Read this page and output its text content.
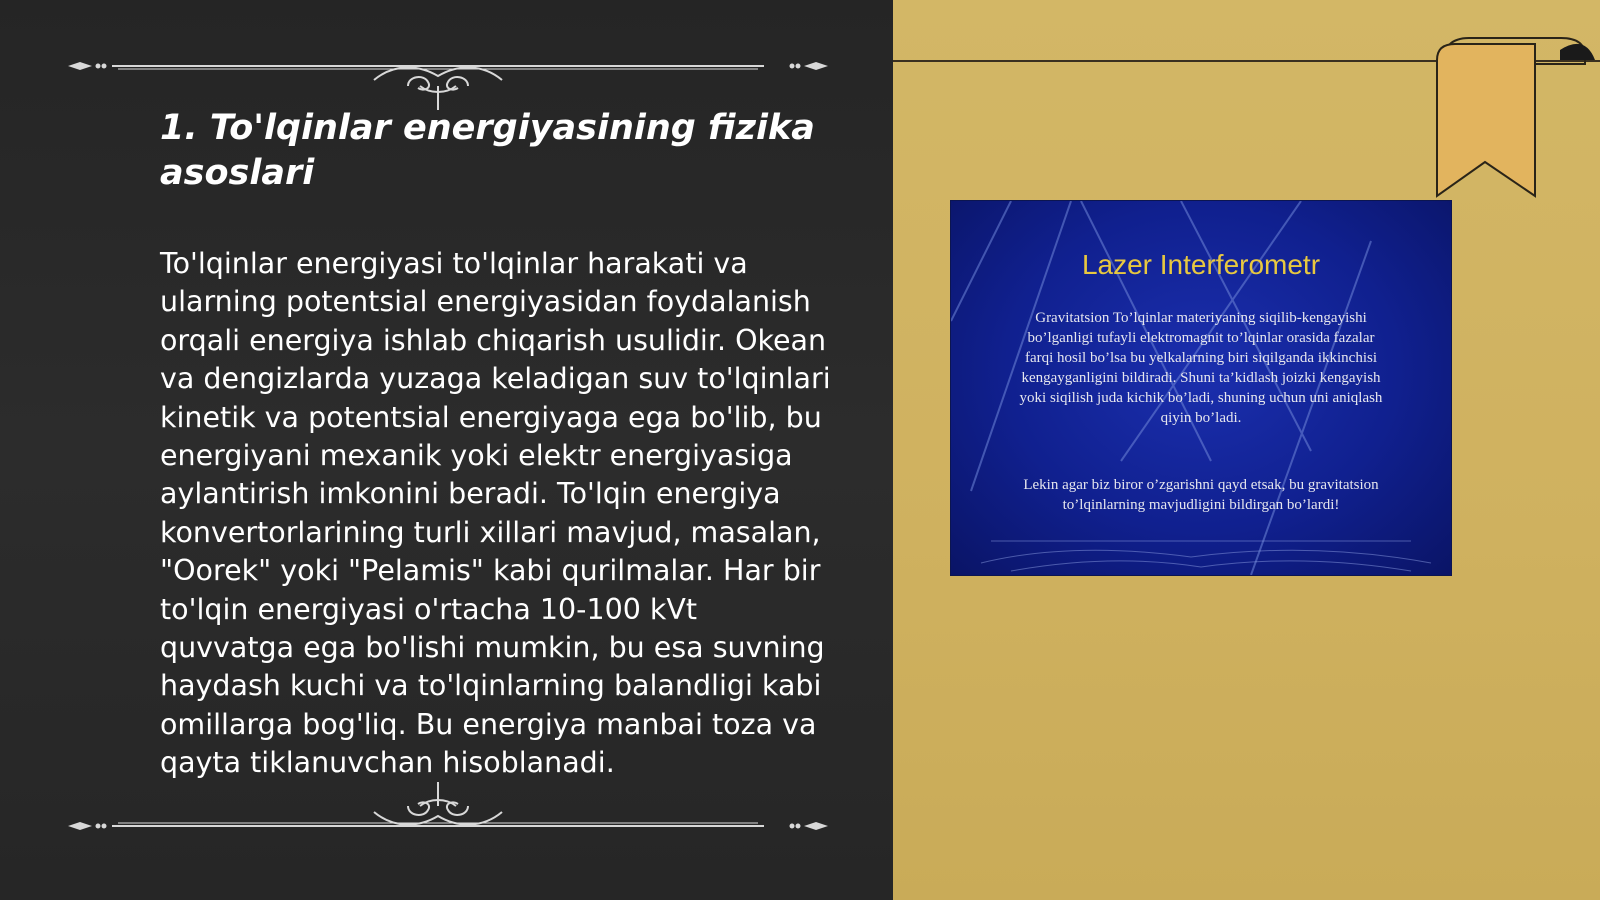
1. To'lqinlar energiyasining fizika asoslari

To'lqinlar energiyasi to'lqinlar harakati va ularning potentsial energiyasidan foydalanish orqali energiya ishlab chiqarish usulidir. Okean va dengizlarda yuzaga keladigan suv to'lqinlari kinetik va potentsial energiyaga ega bo'lib, bu energiyani mexanik yoki elektr energiyasiga aylantirish imkonini beradi. To'lqin energiya konvertorlarining turli xillari mavjud, masalan, "Oorek" yoki "Pelamis" kabi qurilmalar. Har bir to'lqin energiyasi o'rtacha 10-100 kVt quvvatga ega bo'lishi mumkin, bu esa suvning haydash kuchi va to'lqinlarning balandligi kabi omillarga bog'liq. Bu energiya manbai toza va qayta tiklanuvchan hisoblanadi.

Lazer Interferometr
Gravitatsion To’lqinlar materiyaning siqilib-kengayishi bo’lganligi tufayli elektromagnit to’lqinlar orasida fazalar farqi hosil bo’lsa bu yelkalarning biri siqilganda ikkinchisi kengayganligini bildiradi. Shuni ta’kidlash joizki kengayish yoki siqilish juda kichik bo’ladi, shuning uchun uni aniqlash qiyin bo’ladi.
Lekin agar biz biror o’zgarishni qayd etsak, bu gravitatsion to’lqinlarning mavjudligini bildirgan bo’lardi!
